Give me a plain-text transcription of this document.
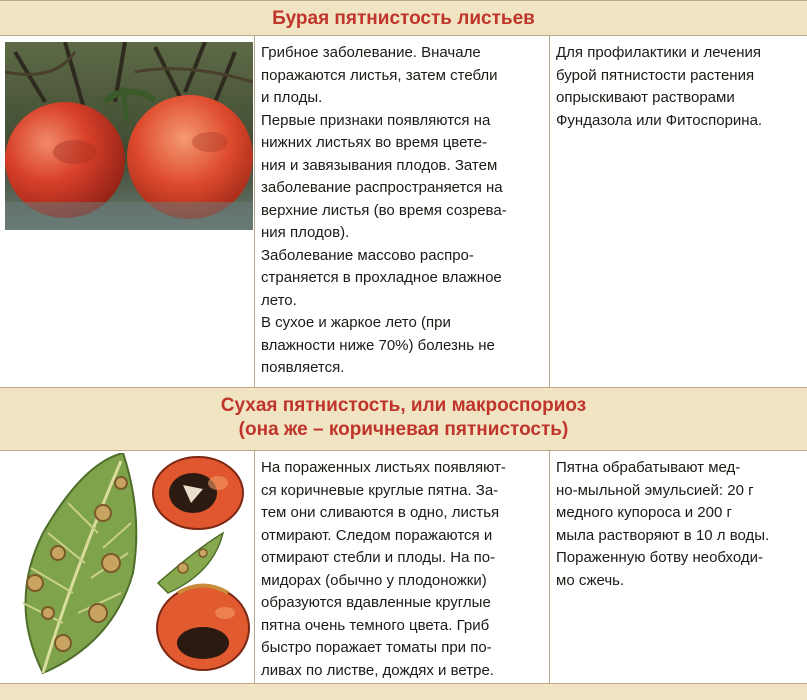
Бурая пятнистость листьев

Грибное заболевание. Вначале

поражаются листья, затем стебли

и плоды.

Первые признаки появляются на

нижних листьях во время цвете-

ния и завязывания плодов. Затем

заболевание распространяется на

верхние листья (во время созрева-

ния плодов).

Заболевание массово распро-

страняется в прохладное влажное

лето.

В сухое и жаркое лето (при

влажности ниже 70%) болезнь не

появляется.

Для профилактики и лечения

бурой пятнистости растения

опрыскивают растворами

Фундазола или Фитоспорина.

Сухая пятнистость, или макроспориоз
(она же – коричневая пятнистость)

На пораженных листьях появляют-

ся коричневые круглые пятна. За-

тем они сливаются в одно, листья

отмирают. Следом поражаются и

отмирают стебли и плоды. На по-

мидорах (обычно у плодоножки)

образуются вдавленные круглые

пятна очень темного цвета. Гриб

быстро поражает томаты при по-

ливах по листве, дождях и ветре.

Пятна обрабатывают мед-

но-мыльной эмульсией: 20 г

медного купороса и 200 г

мыла растворяют в 10 л воды.

Пораженную ботву необходи-

мо сжечь.
